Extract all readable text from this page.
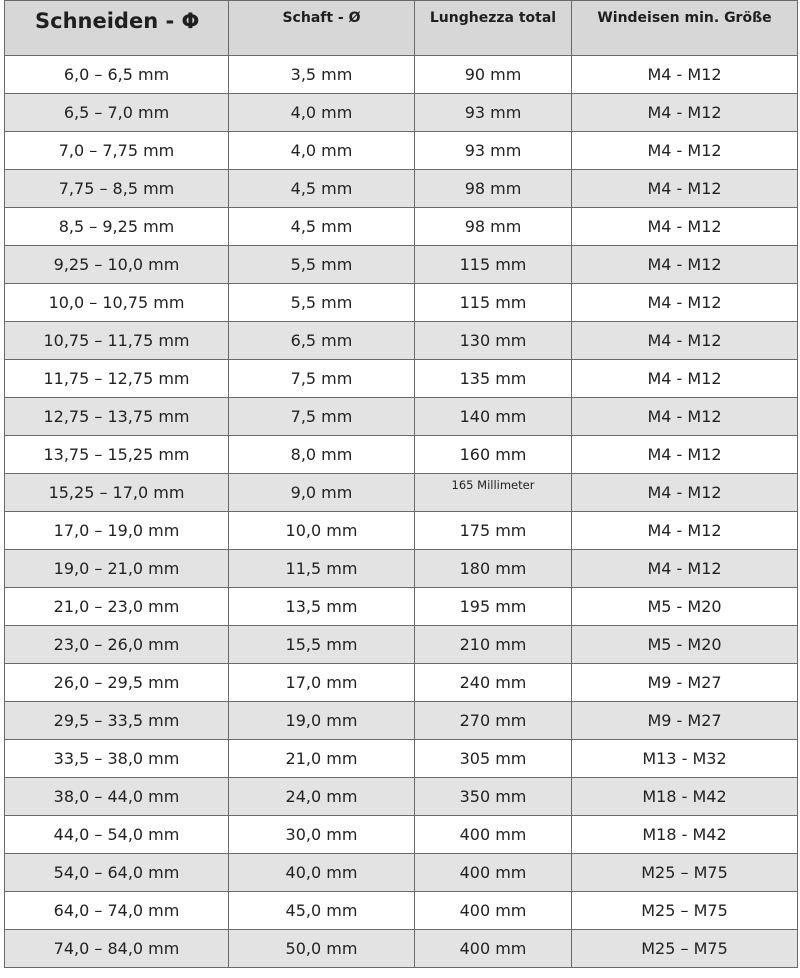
Schneiden - Φ	Schaft - Ø	Lunghezza total	Windeisen min. Größe
6,0 – 6,5 mm	3,5 mm	90 mm	M4 - M12
6,5 – 7,0 mm	4,0 mm	93 mm	M4 - M12
7,0 – 7,75 mm	4,0 mm	93 mm	M4 - M12
7,75 – 8,5 mm	4,5 mm	98 mm	M4 - M12
8,5 – 9,25 mm	4,5 mm	98 mm	M4 - M12
9,25 – 10,0 mm	5,5 mm	115 mm	M4 - M12
10,0 – 10,75 mm	5,5 mm	115 mm	M4 - M12
10,75 – 11,75 mm	6,5 mm	130 mm	M4 - M12
11,75 – 12,75 mm	7,5 mm	135 mm	M4 - M12
12,75 – 13,75 mm	7,5 mm	140 mm	M4 - M12
13,75 – 15,25 mm	8,0 mm	160 mm	M4 - M12
15,25 – 17,0 mm	9,0 mm	165 Millimeter	M4 - M12
17,0 – 19,0 mm	10,0 mm	175 mm	M4 - M12
19,0 – 21,0 mm	11,5 mm	180 mm	M4 - M12
21,0 – 23,0 mm	13,5 mm	195 mm	M5 - M20
23,0 – 26,0 mm	15,5 mm	210 mm	M5 - M20
26,0 – 29,5 mm	17,0 mm	240 mm	M9 - M27
29,5 – 33,5 mm	19,0 mm	270 mm	M9 - M27
33,5 – 38,0 mm	21,0 mm	305 mm	M13 - M32
38,0 – 44,0 mm	24,0 mm	350 mm	M18 - M42
44,0 – 54,0 mm	30,0 mm	400 mm	M18 - M42
54,0 – 64,0 mm	40,0 mm	400 mm	M25 – M75
64,0 – 74,0 mm	45,0 mm	400 mm	M25 – M75
74,0 – 84,0 mm	50,0 mm	400 mm	M25 – M75
